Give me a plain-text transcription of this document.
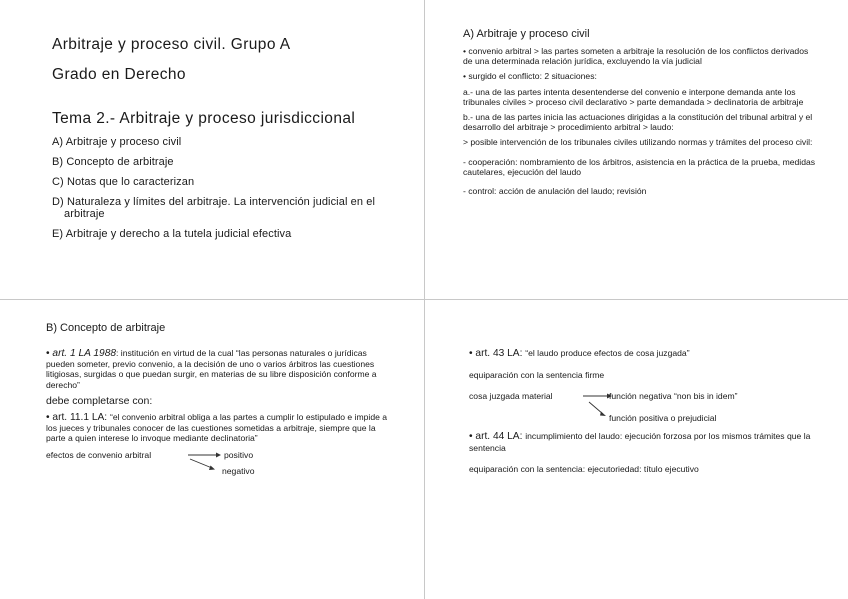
Arbitraje y proceso civil. Grupo A
Grado en Derecho
Tema 2.- Arbitraje y proceso jurisdiccional
A) Arbitraje y proceso civil
B) Concepto de arbitraje
C) Notas que lo caracterizan
D) Naturaleza y límites del arbitraje. La intervención judicial en el arbitraje
E) Arbitraje y derecho a la tutela judicial efectiva
A) Arbitraje y proceso civil

• convenio arbitral > las partes someten a arbitraje la resolución de los conflictos derivados de una determinada relación jurídica, excluyendo la vía judicial

• surgido el conflicto: 2 situaciones:

a.- una de las partes intenta desentenderse del convenio e interpone demanda ante los tribunales civiles > proceso civil declarativo > parte demandada > declinatoria de arbitraje

b.- una de las partes inicia las actuaciones dirigidas a la constitución del tribunal arbitral y el desarrollo del arbitraje > procedimiento arbitral > laudo:

> posible intervención de los tribunales civiles utilizando normas y trámites del proceso civil:

- cooperación: nombramiento de los árbitros, asistencia en la práctica de la prueba, medidas cautelares, ejecución del laudo

- control: acción de anulación del laudo; revisión

B) Concepto de arbitraje

• art. 1 LA 1988: institución en virtud de la cual “las personas naturales o jurídicas pueden someter, previo convenio, a la decisión de uno o varios árbitros las cuestiones litigiosas, surgidas o que puedan surgir, en materias de su libre disposición conforme a derecho”

debe completarse con:

• art. 11.1 LA: “el convenio arbitral obliga a las partes a cumplir lo estipulado e impide a los jueces y tribunales conocer de las cuestiones sometidas a arbitraje, siempre que la parte a quien interese lo invoque mediante declinatoria”

efectos de convenio arbitral	positivo
negativo

• art. 43 LA: “el laudo produce efectos de cosa juzgada”

equiparación con la sentencia firme

cosa juzgada material	función negativa “non bis in idem”
función positiva o prejudicial

• art. 44 LA: incumplimiento del laudo: ejecución forzosa por los mismos trámites que la sentencia

equiparación con la sentencia: ejecutoriedad: título ejecutivo
